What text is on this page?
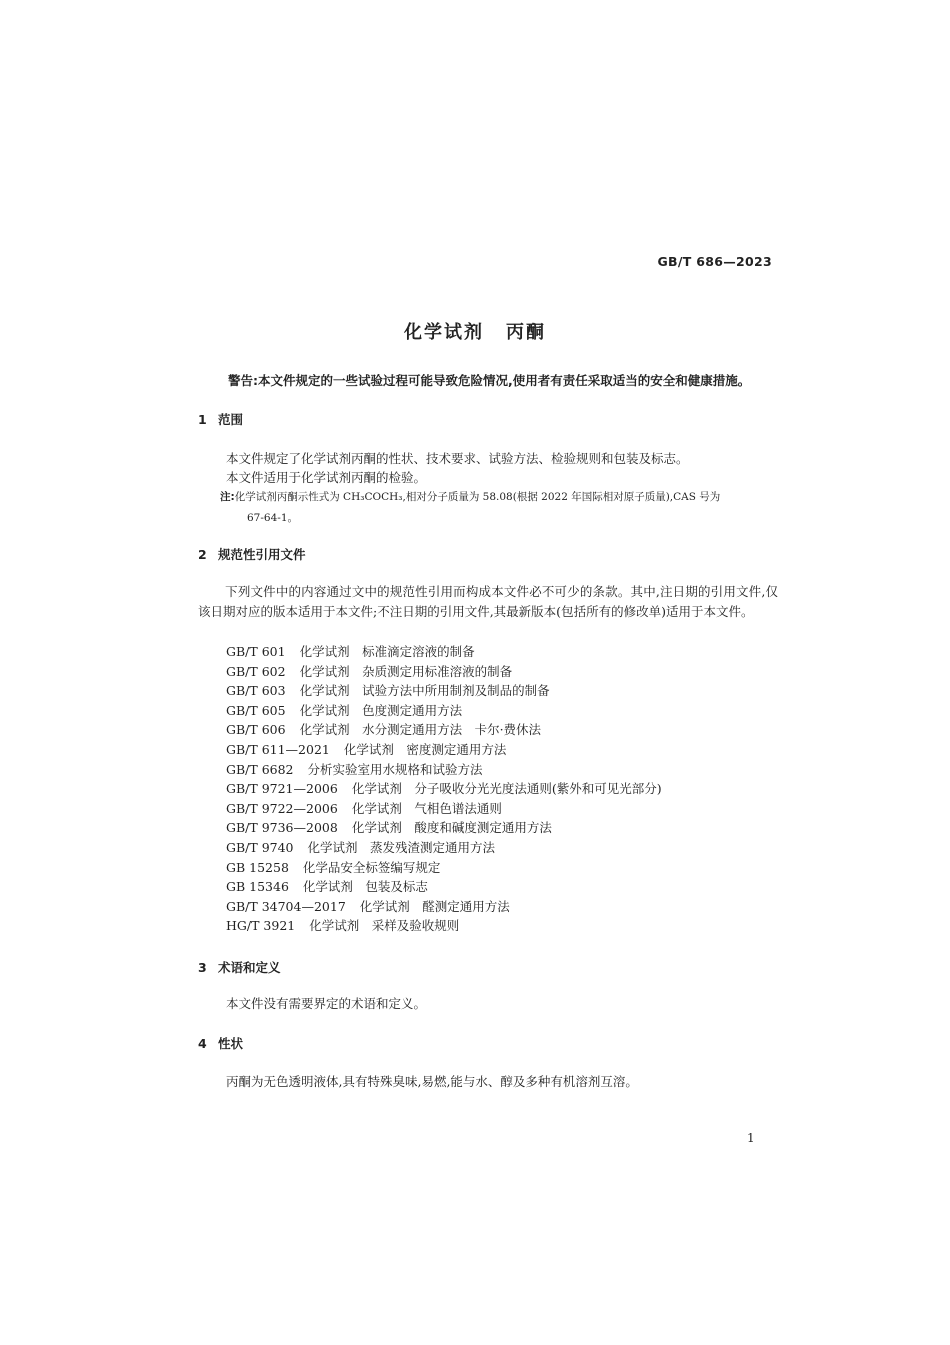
GB/T 686—2023
化学试剂 丙酮
警告:本文件规定的一些试验过程可能导致危险情况,使用者有责任采取适当的安全和健康措施。
1 范围
本文件规定了化学试剂丙酮的性状、技术要求、试验方法、检验规则和包装及标志。
本文件适用于化学试剂丙酮的检验。
注:化学试剂丙酮示性式为 CH₃COCH₃,相对分子质量为 58.08(根据 2022 年国际相对原子质量),CAS 号为
67-64-1。
2 规范性引用文件
下列文件中的内容通过文中的规范性引用而构成本文件必不可少的条款。其中,注日期的引用文件,仅该日期对应的版本适用于本文件;不注日期的引用文件,其最新版本(包括所有的修改单)适用于本文件。
GB/T 601 化学试剂　标准滴定溶液的制备
GB/T 602 化学试剂　杂质测定用标准溶液的制备
GB/T 603 化学试剂　试验方法中所用制剂及制品的制备
GB/T 605 化学试剂　色度测定通用方法
GB/T 606 化学试剂　水分测定通用方法　卡尔·费休法
GB/T 611—2021 化学试剂　密度测定通用方法
GB/T 6682 分析实验室用水规格和试验方法
GB/T 9721—2006 化学试剂　分子吸收分光光度法通则(紫外和可见光部分)
GB/T 9722—2006 化学试剂　气相色谱法通则
GB/T 9736—2008 化学试剂　酸度和碱度测定通用方法
GB/T 9740 化学试剂　蒸发残渣测定通用方法
GB 15258 化学品安全标签编写规定
GB 15346 化学试剂　包装及标志
GB/T 34704—2017 化学试剂　醛测定通用方法
HG/T 3921 化学试剂　采样及验收规则
3 术语和定义
本文件没有需要界定的术语和定义。
4 性状
丙酮为无色透明液体,具有特殊臭味,易燃,能与水、醇及多种有机溶剂互溶。
1
